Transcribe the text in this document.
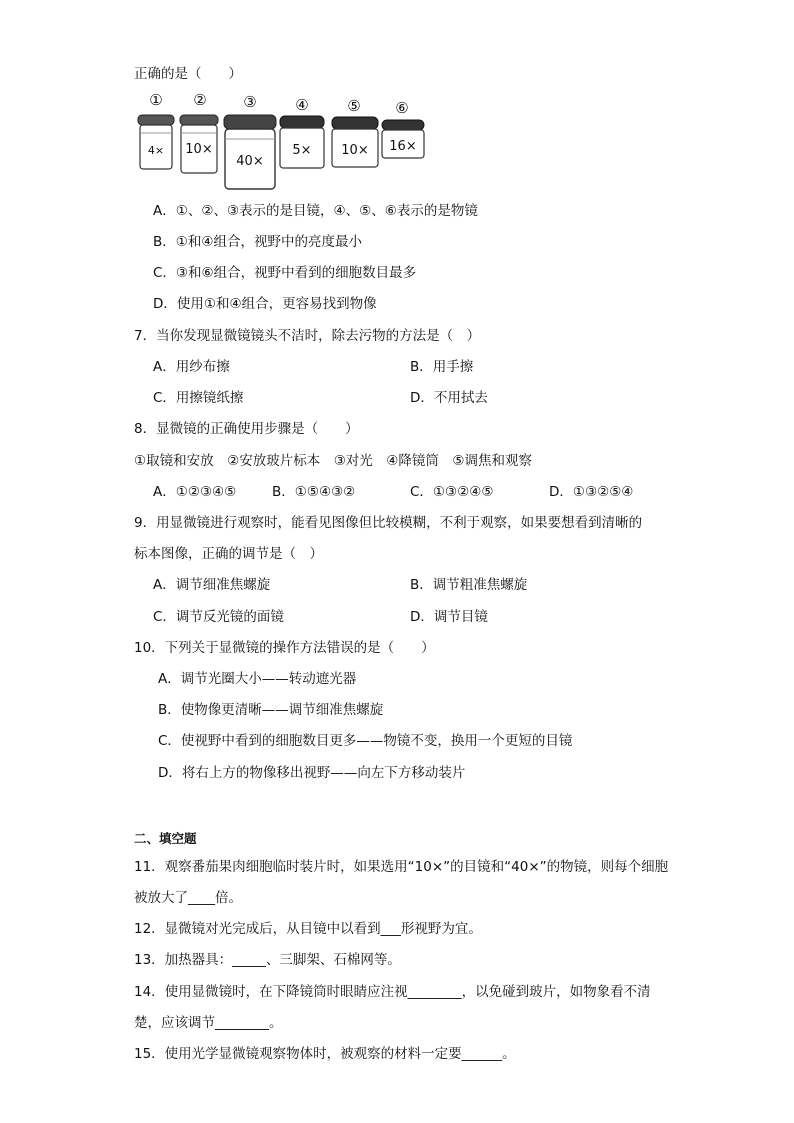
正确的是（　　）
① ② ③	④	⑤ ⑥
4× 10×
40×
5× 10× 16×
A．①、②、③表示的是目镜，④、⑤、⑥表示的是物镜
B．①和④组合，视野中的亮度最小
C．③和⑥组合，视野中看到的细胞数目最多
D．使用①和④组合，更容易找到物像
7．当你发现显微镜镜头不洁时，除去污物的方法是（　）
A．用纱布擦	B．用手擦
C．用擦镜纸擦	D．不用拭去
8．显微镜的正确使用步骤是（　　）
①取镜和安放　②安放玻片标本　③对光　④降镜筒　⑤调焦和观察
A．①②③④⑤	B．①⑤④③②	C．①③②④⑤	D．①③②⑤④
9．用显微镜进行观察时，能看见图像但比较模糊，不利于观察，如果要想看到清晰的
标本图像，正确的调节是（　）
A．调节细准焦螺旋	B．调节粗准焦螺旋
C．调节反光镜的面镜	D．调节目镜
10．下列关于显微镜的操作方法错误的是（　　）
A．调节光圈大小——转动遮光器
B．使物像更清晰——调节细准焦螺旋
C．使视野中看到的细胞数目更多——物镜不变，换用一个更短的目镜
D．将右上方的物像移出视野——向左下方移动装片
二、填空题
11．观察番茄果肉细胞临时装片时，如果选用“10×”的目镜和“40×”的物镜，则每个细胞
被放大了____倍。
12．显微镜对光完成后，从目镜中以看到___形视野为宜。
13．加热器具：_____、三脚架、石棉网等。
14．使用显微镜时，在下降镜筒时眼睛应注视________，以免碰到玻片，如物象看不清
楚，应该调节________。
15．使用光学显微镜观察物体时，被观察的材料一定要______。
